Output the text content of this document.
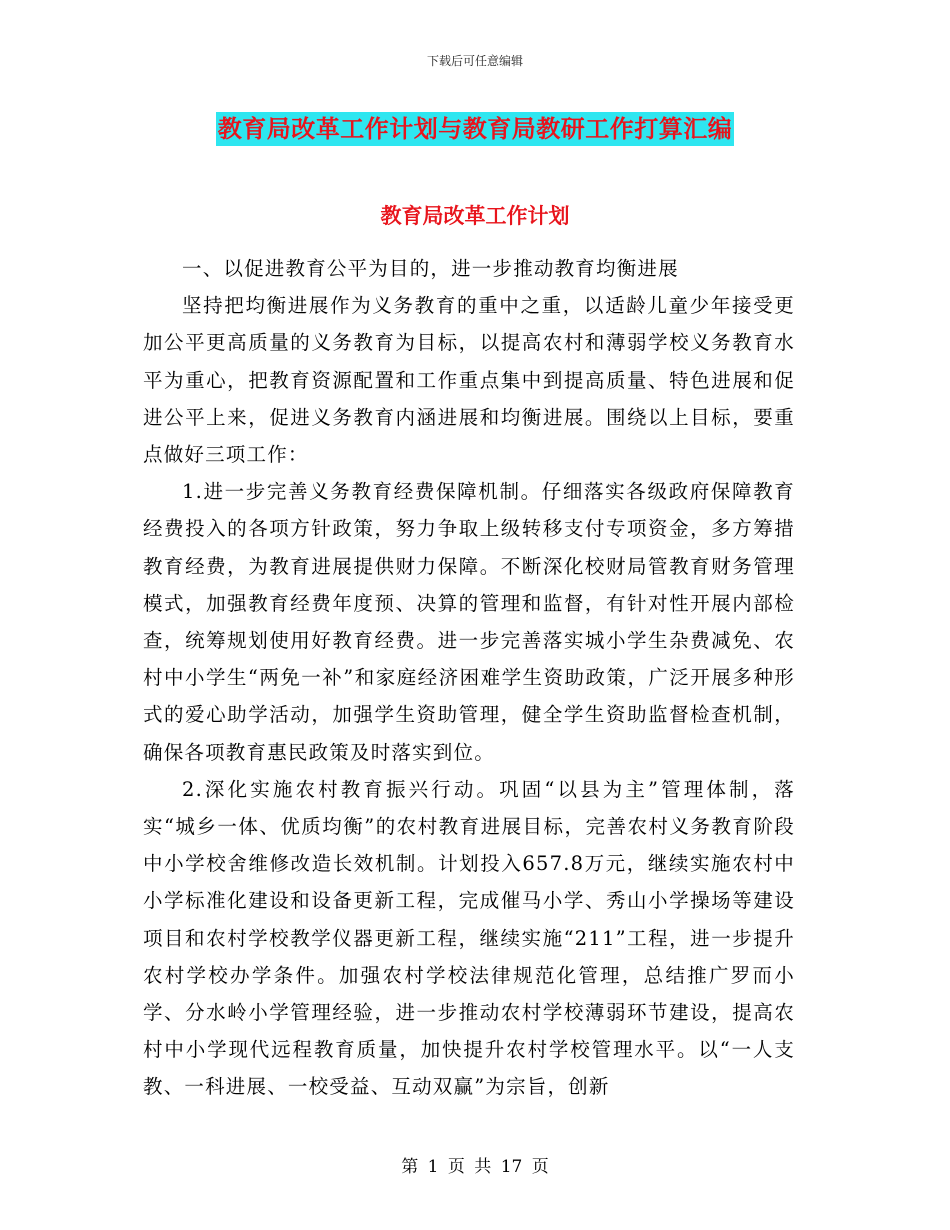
下载后可任意编辑
教育局改革工作计划与教育局教研工作打算汇编
教育局改革工作计划

一、以促进教育公平为目的，进一步推动教育均衡进展

坚持把均衡进展作为义务教育的重中之重，以适龄儿童少年接受更加公平更高质量的义务教育为目标，以提高农村和薄弱学校义务教育水平为重心，把教育资源配置和工作重点集中到提高质量、特色进展和促进公平上来，促进义务教育内涵进展和均衡进展。围绕以上目标，要重点做好三项工作：

1.进一步完善义务教育经费保障机制。仔细落实各级政府保障教育经费投入的各项方针政策，努力争取上级转移支付专项资金，多方筹措教育经费，为教育进展提供财力保障。不断深化校财局管教育财务管理模式，加强教育经费年度预、决算的管理和监督，有针对性开展内部检查，统筹规划使用好教育经费。进一步完善落实城小学生杂费减免、农村中小学生“两免一补”和家庭经济困难学生资助政策，广泛开展多种形式的爱心助学活动，加强学生资助管理，健全学生资助监督检查机制，确保各项教育惠民政策及时落实到位。

2.深化实施农村教育振兴行动。巩固“以县为主”管理体制，落实“城乡一体、优质均衡”的农村教育进展目标，完善农村义务教育阶段中小学校舍维修改造长效机制。计划投入657.8万元，继续实施农村中小学标准化建设和设备更新工程，完成催马小学、秀山小学操场等建设项目和农村学校教学仪器更新工程，继续实施“211”工程，进一步提升农村学校办学条件。加强农村学校法律规范化管理，总结推广罗而小学、分水岭小学管理经验，进一步推动农村学校薄弱环节建设，提高农村中小学现代远程教育质量，加快提升农村学校管理水平。以“一人支教、一科进展、一校受益、互动双赢”为宗旨，创新

第 1 页 共 17 页
